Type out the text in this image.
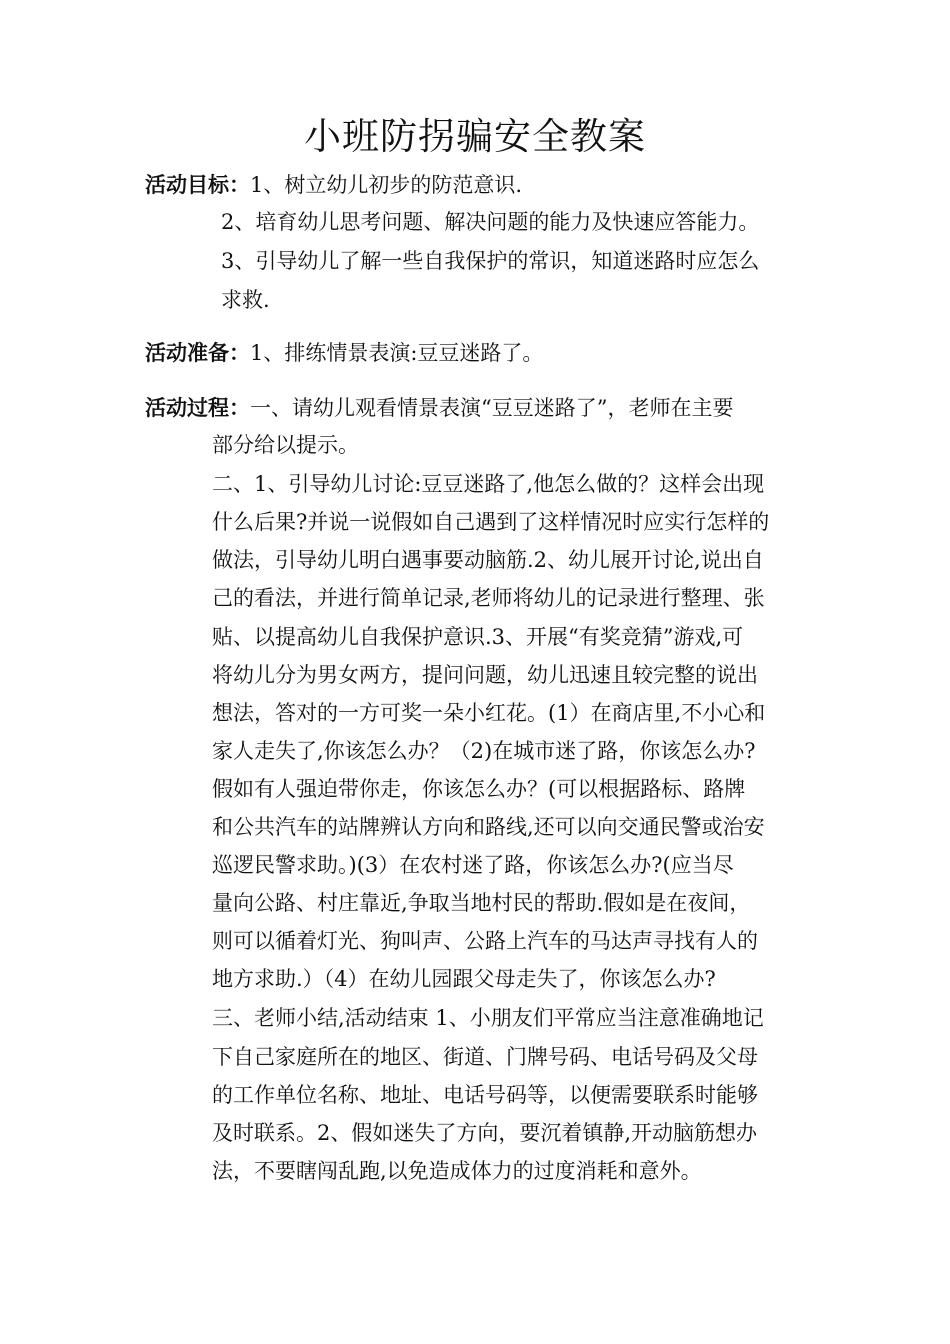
小班防拐骗安全教案

活动目标：1、树立幼儿初步的防范意识.

2、培育幼儿思考问题、解决问题的能力及快速应答能力。

3、引导幼儿了解一些自我保护的常识，知道迷路时应怎么

求救.

活动准备：1、排练情景表演:豆豆迷路了。

活动过程：一、请幼儿观看情景表演“豆豆迷路了”，老师在主要

部分给以提示。

二、1、引导幼儿讨论:豆豆迷路了,他怎么做的？这样会出现

什么后果?并说一说假如自己遇到了这样情况时应实行怎样的

做法，引导幼儿明白遇事要动脑筋.2、幼儿展开讨论,说出自

己的看法，并进行简单记录,老师将幼儿的记录进行整理、张

贴、以提高幼儿自我保护意识.3、开展“有奖竞猜”游戏,可

将幼儿分为男女两方，提问问题，幼儿迅速且较完整的说出

想法，答对的一方可奖一朵小红花。(1）在商店里,不小心和

家人走失了,你该怎么办？（2)在城市迷了路，你该怎么办?

假如有人强迫带你走，你该怎么办？(可以根据路标、路牌

和公共汽车的站牌辨认方向和路线,还可以向交通民警或治安

巡逻民警求助。)(3）在农村迷了路，你该怎么办?(应当尽

量向公路、村庄靠近,争取当地村民的帮助.假如是在夜间，

则可以循着灯光、狗叫声、公路上汽车的马达声寻找有人的

地方求助.）（4）在幼儿园跟父母走失了，你该怎么办?

三、老师小结,活动结束 1、小朋友们平常应当注意准确地记

下自己家庭所在的地区、街道、门牌号码、电话号码及父母

的工作单位名称、地址、电话号码等，以便需要联系时能够

及时联系。2、假如迷失了方向，要沉着镇静,开动脑筋想办

法，不要瞎闯乱跑,以免造成体力的过度消耗和意外。
